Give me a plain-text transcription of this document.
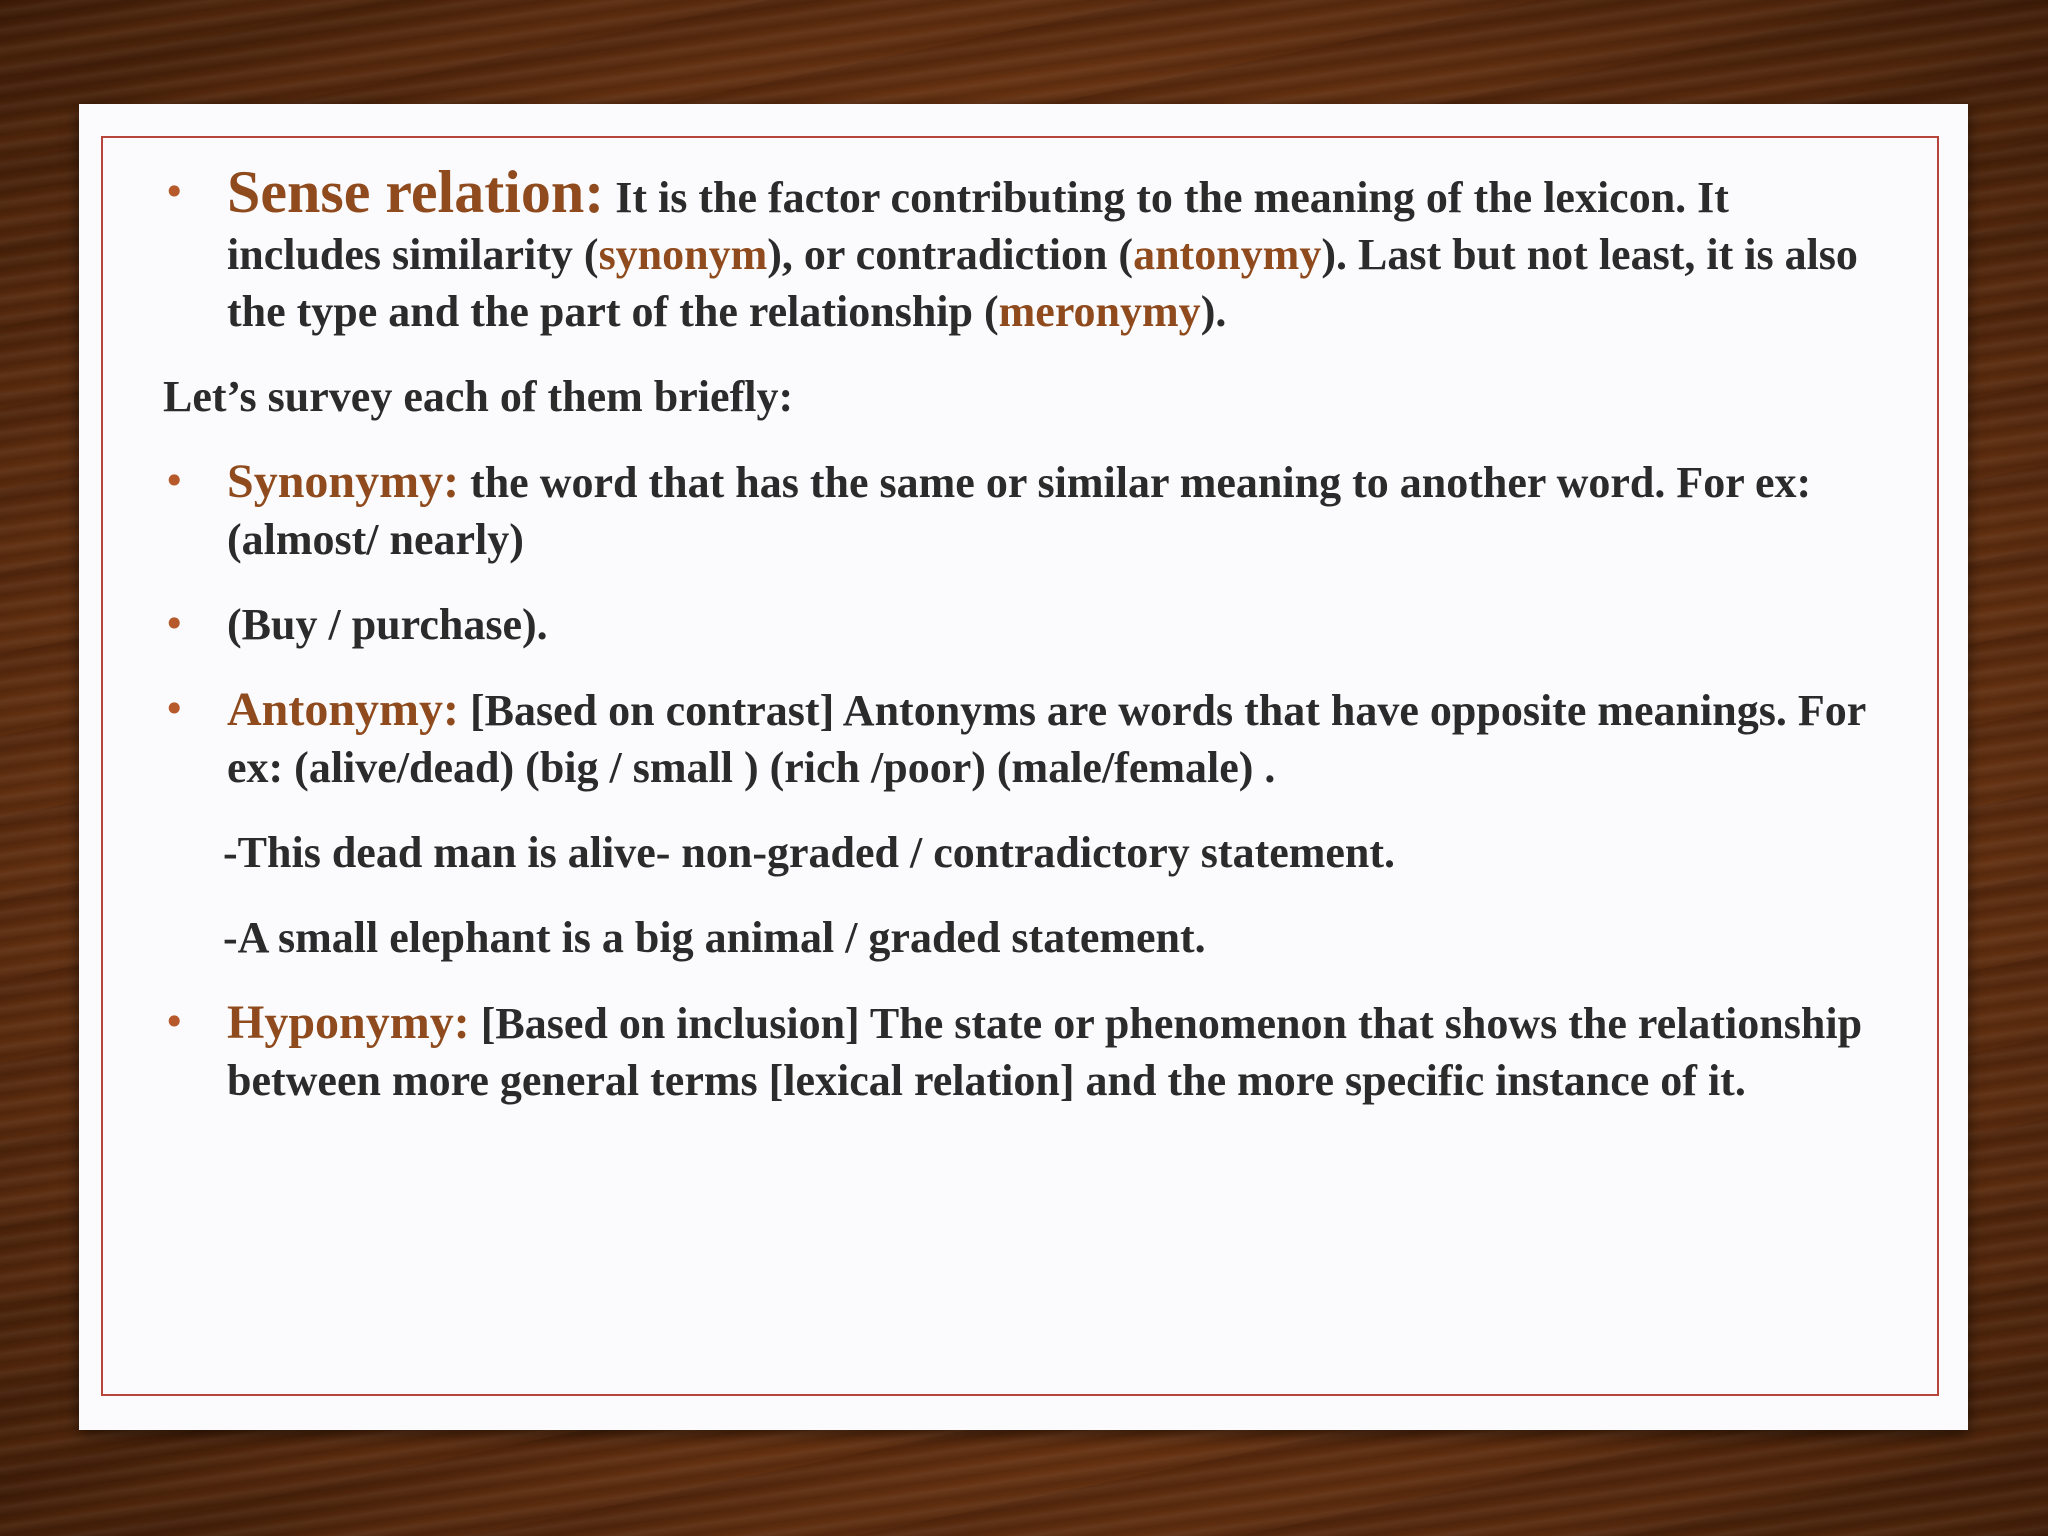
• Sense relation: It is the factor contributing to the meaning of the lexicon. It includes similarity (synonym), or contradiction (antonymy). Last but not least, it is also the type and the part of the relationship (meronymy).

Let’s survey each of them briefly:

• Synonymy: the word that has the same or similar meaning to another word. For ex: (almost/ nearly)

• (Buy / purchase).

• Antonymy: [Based on contrast] Antonyms are words that have opposite meanings. For ex: (alive/dead) (big / small ) (rich /poor) (male/female) .

-This dead man is alive- non-graded / contradictory statement.

-A small elephant is a big animal / graded statement.

• Hyponymy: [Based on inclusion] The state or phenomenon that shows the relationship between more general terms [lexical relation] and the more specific instance of it.
